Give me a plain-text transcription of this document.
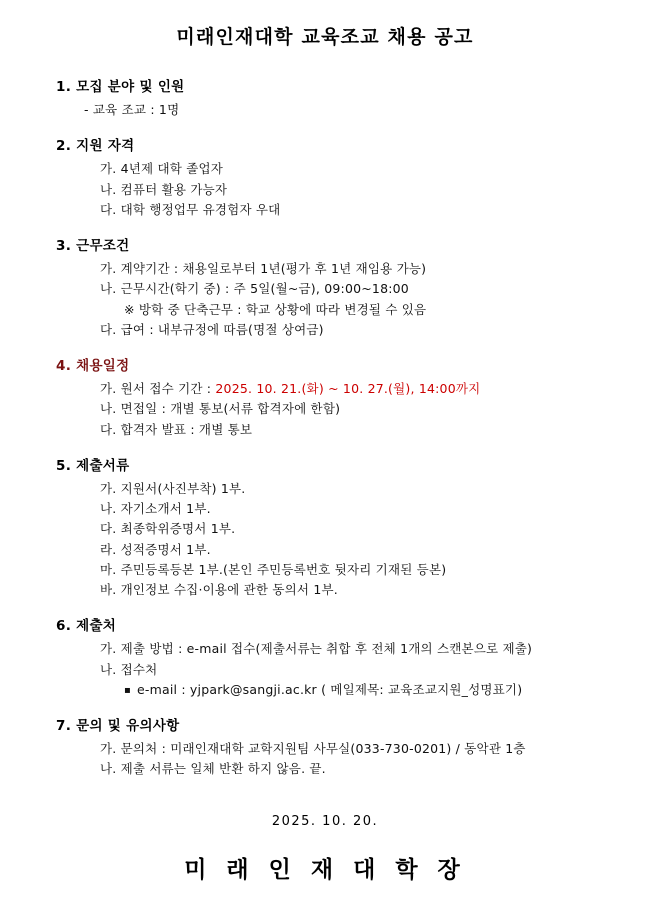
미래인재대학 교육조교 채용 공고
1. 모집 분야 및 인원
- 교육 조교 : 1명
2. 지원 자격
가. 4년제 대학 졸업자
나. 컴퓨터 활용 가능자
다. 대학 행정업무 유경험자 우대
3. 근무조건
가. 계약기간 : 채용일로부터 1년(평가 후 1년 재임용 가능)
나. 근무시간(학기 중) : 주 5일(월~금), 09:00~18:00
※ 방학 중 단축근무 : 학교 상황에 따라 변경될 수 있음
다. 급여 : 내부규정에 따름(명절 상여금)
4. 채용일정
가. 원서 접수 기간 : 2025. 10. 21.(화) ~ 10. 27.(월), 14:00까지
나. 면접일 : 개별 통보(서류 합격자에 한함)
다. 합격자 발표 : 개별 통보
5. 제출서류
가. 지원서(사진부착) 1부.
나. 자기소개서 1부.
다. 최종학위증명서 1부.
라. 성적증명서 1부.
마. 주민등록등본 1부.(본인 주민등록번호 뒷자리 기재된 등본)
바. 개인정보 수집·이용에 관한 동의서 1부.
6. 제출처
가. 제출 방법 : e-mail 접수(제출서류는 취합 후 전체 1개의 스캔본으로 제출)
나. 접수처
▪ e-mail : yjpark@sangji.ac.kr ( 메일제목: 교육조교지원_성명표기)
7. 문의 및 유의사항
가. 문의처 : 미래인재대학 교학지원팀 사무실(033-730-0201) / 동악관 1층
나. 제출 서류는 일체 반환 하지 않음. 끝.
2025. 10. 20.
미 래 인 재 대 학 장
